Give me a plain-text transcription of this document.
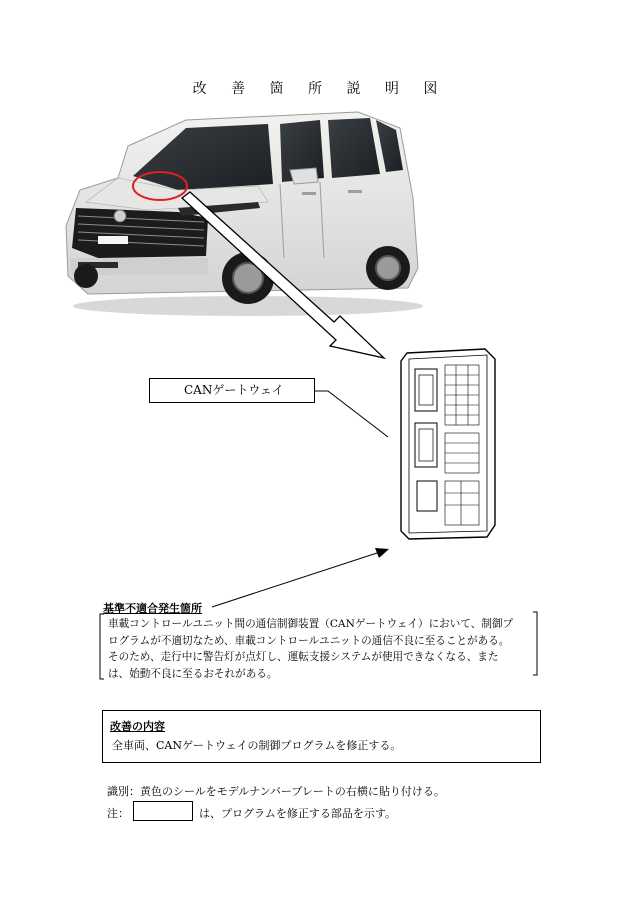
改 善 箇 所 説 明 図
CANゲートウェイ
基準不適合発生箇所
車載コントロールユニット間の通信制御装置（CANゲートウェイ）において、制御プ
ログラムが不適切なため、車載コントロールユニットの通信不良に至ることがある。
そのため、走行中に警告灯が点灯し、運転支援システムが使用できなくなる、また
は、始動不良に至るおそれがある。
改善の内容
全車両、CANゲートウェイの制御プログラムを修正する。
識別：黄色のシールをモデルナンバープレートの右横に貼り付ける。
注：	は、プログラムを修正する部品を示す。
